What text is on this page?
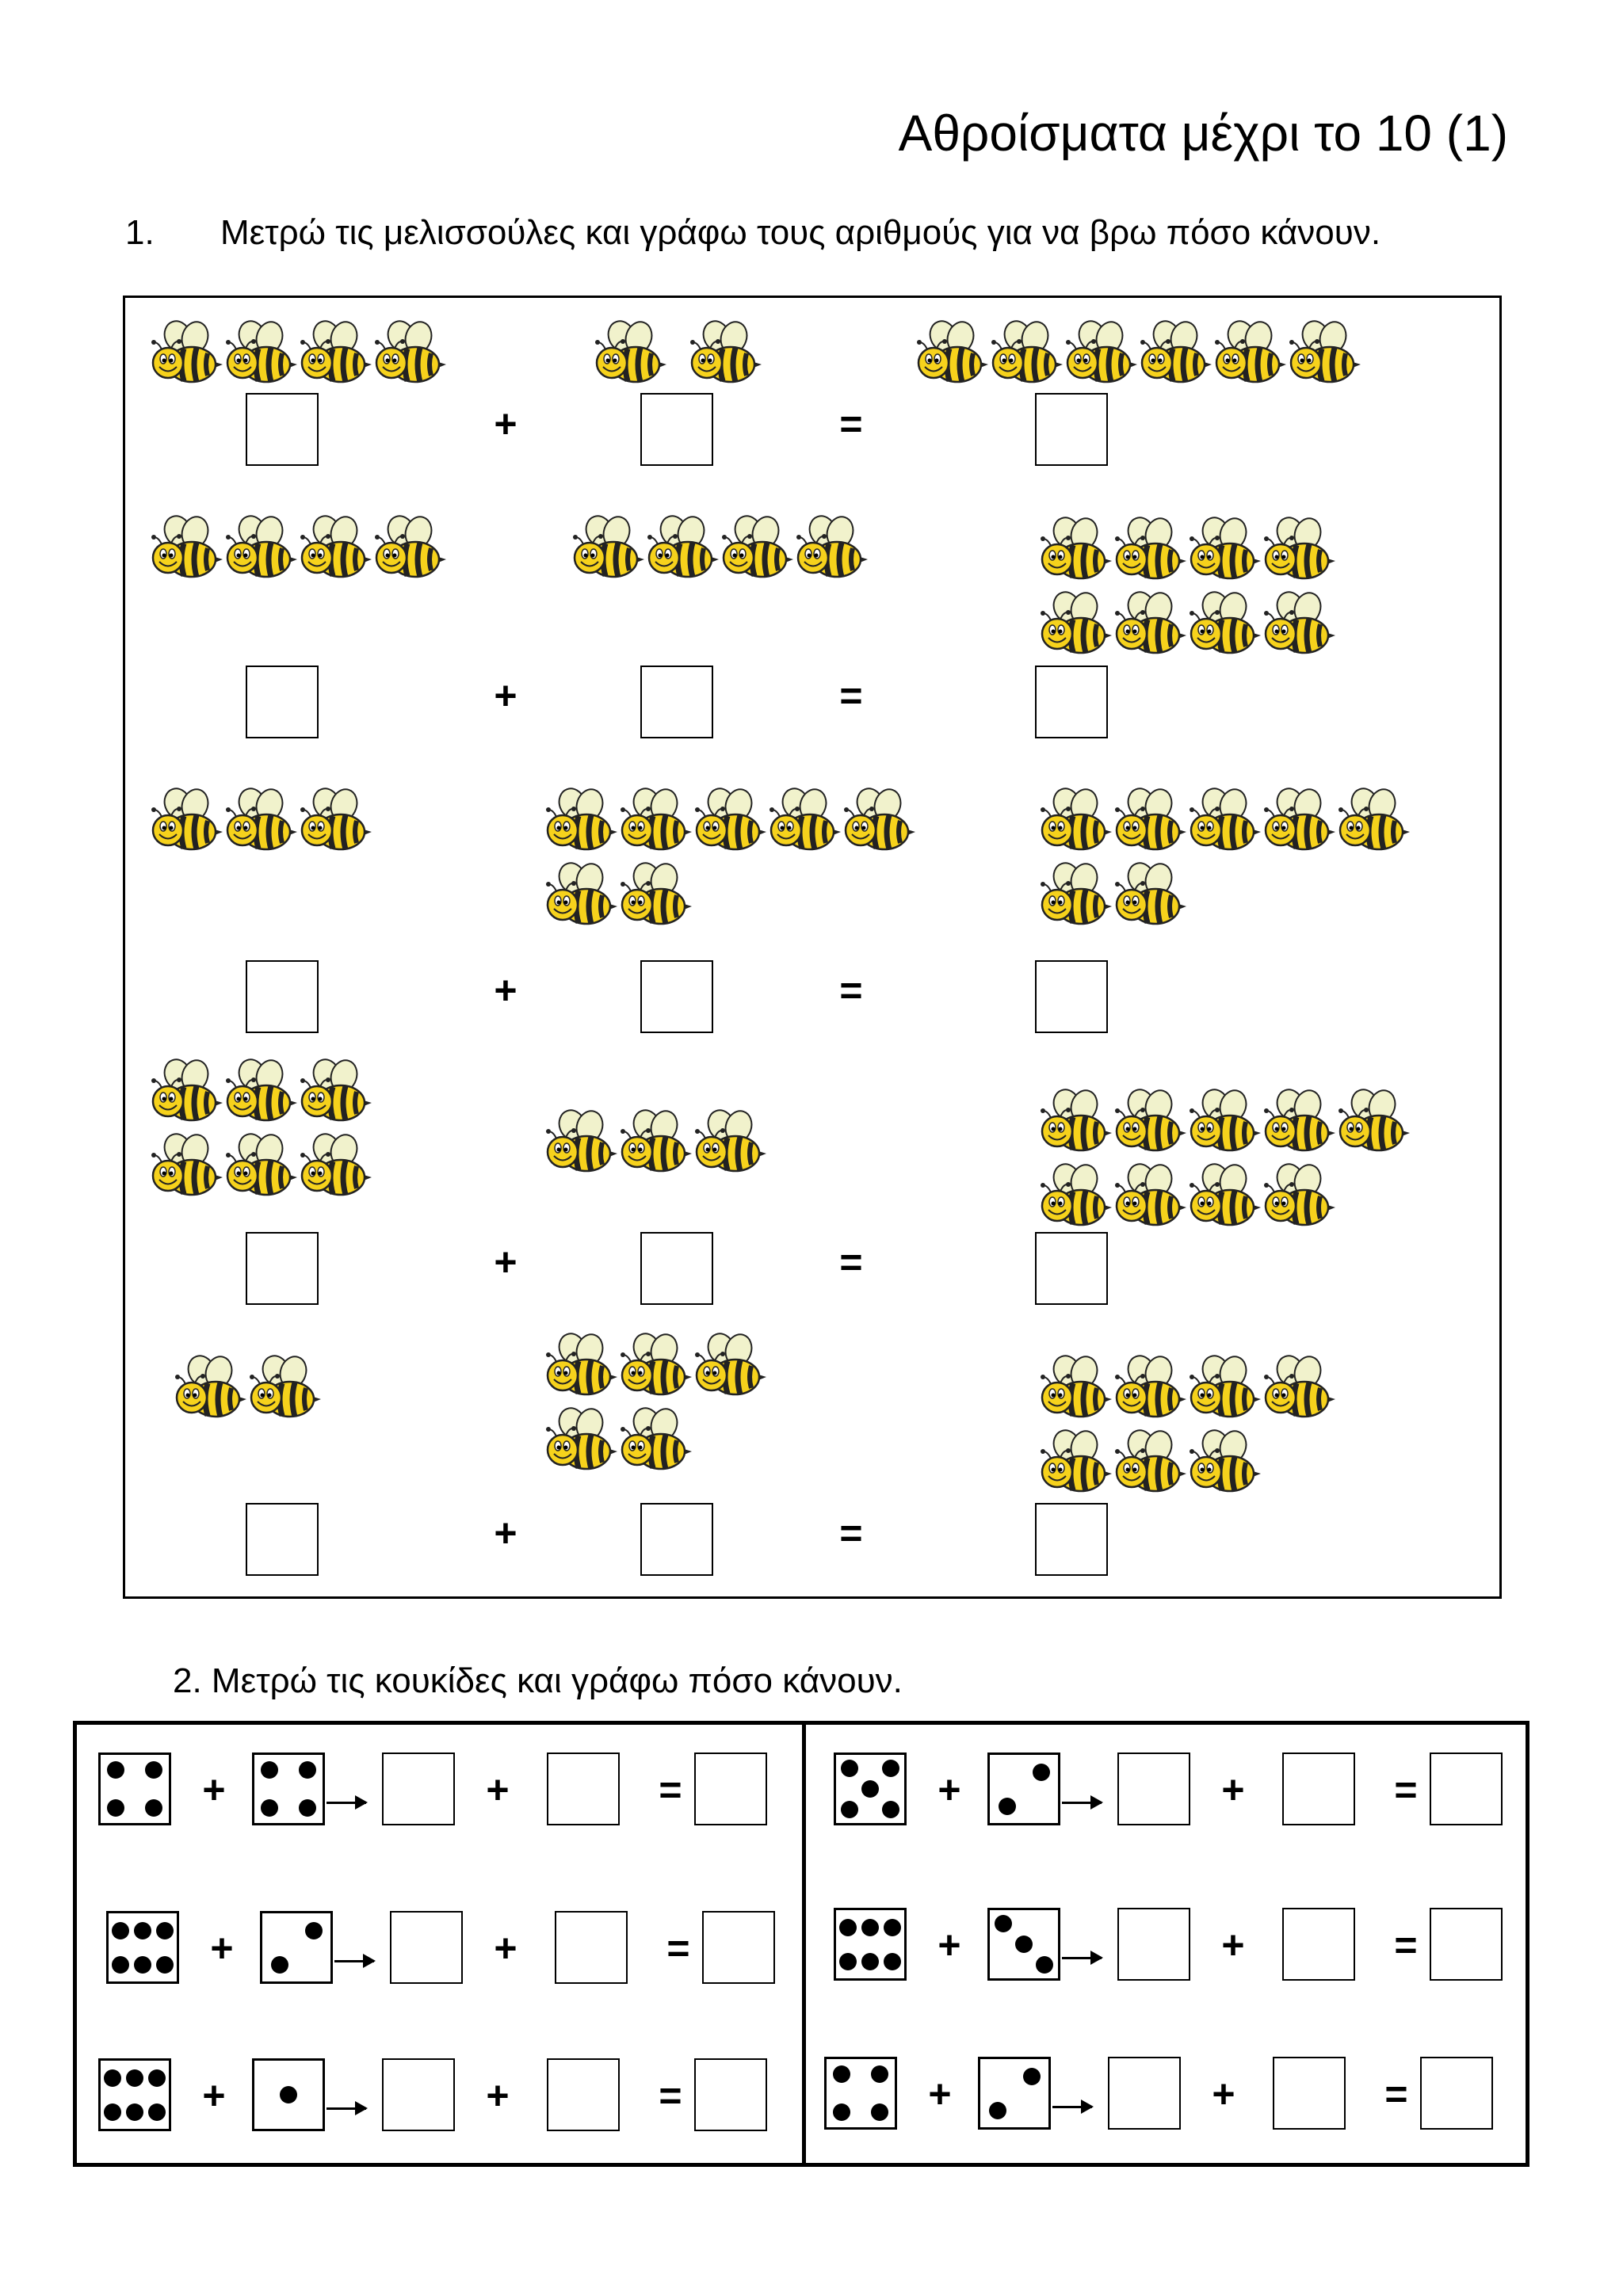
Αθροίσματα μέχρι το 10 (1)
1. Μετρώ τις μελισσούλες και γράφω τους αριθμούς για να βρω πόσο κάνουν.
2. Μετρώ τις κουκίδες και γράφω πόσο κάνουν.
+	=
+	=
+	=
+	=
+	=
+	+	=	+	+	=
+	+	=	+	+	=
+	+	=	+	+	=
